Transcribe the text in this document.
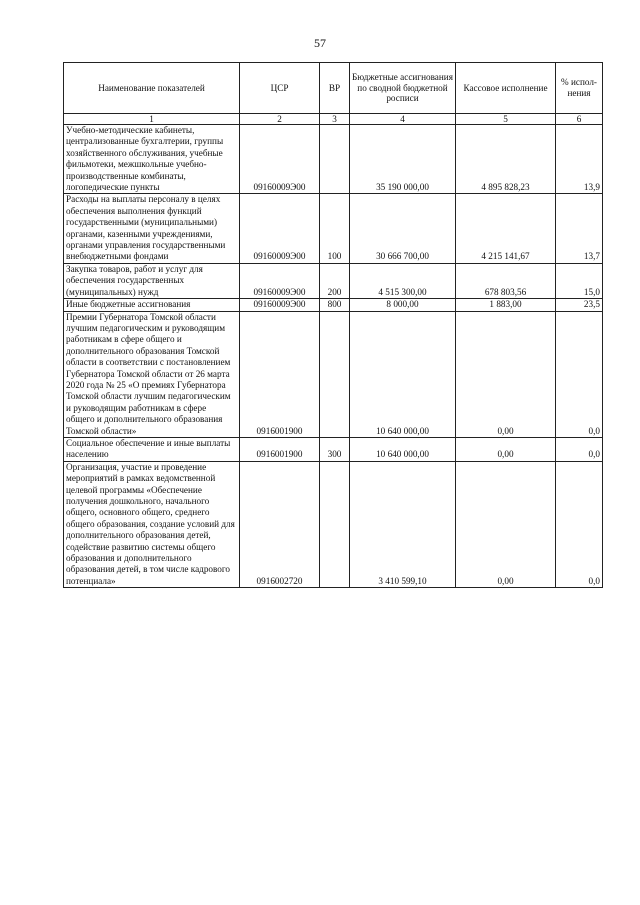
57
Наименование показателей	ЦСР	ВР	Бюджетные ассигнования по сводной бюджетной росписи	Кассовое исполнение	% испол-нения
1	2	3	4	5	6
Учебно-методические кабинеты, централизованные бухгалтерии, группы хозяйственного обслуживания, учебные фильмотеки, межшкольные учебно-производственные комбинаты, логопедические пункты	09160009Э00		35 190 000,00	4 895 828,23	13,9
Расходы на выплаты персоналу в целях обеспечения выполнения функций государственными (муниципальными) органами, казенными учреждениями, органами управления государственными внебюджетными фондами	09160009Э00	100	30 666 700,00	4 215 141,67	13,7
Закупка товаров, работ и услуг для обеспечения государственных (муниципальных) нужд	09160009Э00	200	4 515 300,00	678 803,56	15,0
Иные бюджетные ассигнования	09160009Э00	800	8 000,00	1 883,00	23,5
Премии Губернатора Томской области лучшим педагогическим и руководящим работникам в сфере общего и дополнительного образования Томской области в соответствии с постановлением Губернатора Томской области от 26 марта 2020 года № 25 «О премиях Губернатора Томской области лучшим педагогическим и руководящим работникам в сфере общего и дополнительного образования Томской области»	0916001900		10 640 000,00	0,00	0,0
Социальное обеспечение и иные выплаты населению	0916001900	300	10 640 000,00	0,00	0,0
Организация, участие и проведение мероприятий в рамках ведомственной целевой программы «Обеспечение получения дошкольного, начального общего, основного общего, среднего общего образования, создание условий для дополнительного образования детей, содействие развитию системы общего образования и дополнительного образования детей, в том числе кадрового потенциала»	0916002720		3 410 599,10	0,00	0,0
